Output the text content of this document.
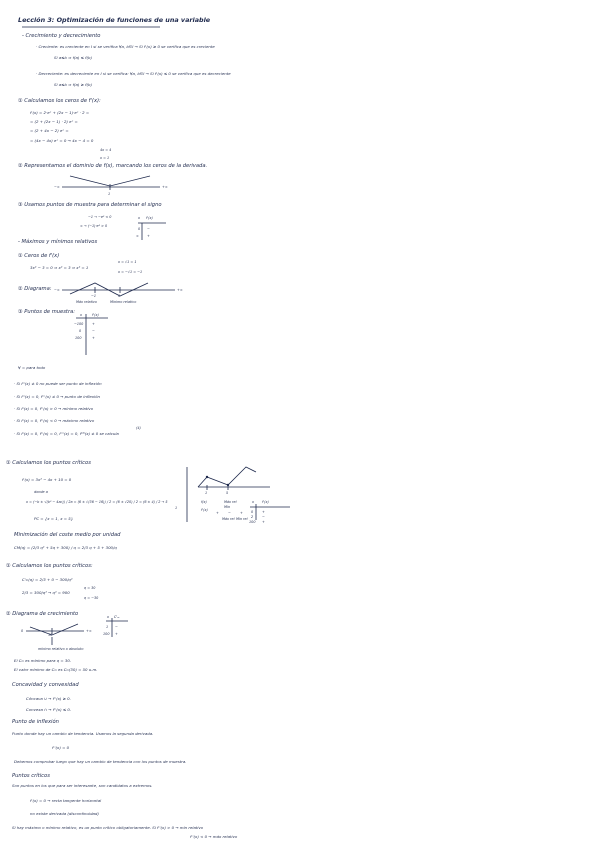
Lección 3: Optimización de funciones de una variable
- Crecimiento y decrecimiento
· Creciente: es creciente en I si se verifica ∀a, b∈I → Si f'(x) ≥ 0 se verifica que es creciente
Si a≤b ⇒ f(a) ≤ f(b)
· Decreciente: es decreciente en I si se verifica: ∀a, b∈I → Si f'(x) ≤ 0 se verifica que es decreciente
Si a≤b ⇒ f(a) ≥ f(b)
① Calculamos los ceros de f'(x):
f'(x) = 2·eˣ + (2x − 1)·eˣ · 2 =
= (2 + (2x − 1) · 2) eˣ =
= (2 + 4x − 2) eˣ =
= (4x − 4x) eˣ = 0 → 4x − 4 = 0
4x = 4
x = 1
② Representamos el dominio de f(x), marcando los ceros de la derivada.
−∞	+∞
1
③ Usamos puntos de muestra para determinar el signo
−1 → −e² < 0
∞ → (−1)·e² > 0
x f'(x)
0 −
∞ +
- Máximos y mínimos relativos
① Ceros de f'(x)
3x² − 3 = 0 ⇒ x² = 3 ⇒ x² = 1
x = √1 = 1
x = −√1 = −1
② Diagrama: −∞	+∞
−1	1
Máx relativo	Mínimo relativo
③ Puntos de muestra: x	f'(x)
−100	+
0	−
100	+
∀ = para todo
· Si f''(x) ≠ 0 no puede ser punto de inflexión
· Si f''(x) = 0, f'''(x) ≠ 0 → punto de inflexión
· Si f'(x) = 0, f''(x) > 0 → mínimo relativo
· Si f'(x) = 0, f''(x) < 0 → máximo relativo
(4)
· Si f'(x) = 0, f''(x) = 0, f'''(x) = 0, f⁽⁴⁾(x) ≠ 0 se calcula
① Calculamos los puntos críticos
f'(x) = 3x² − 4x + 10 = 0
donde a
x = (−b ± √(b² − 4ac)) / 2a = (6 ± √(36 − 16)) / 2 = (6 ± √20) / 2 = (6 ± 4) / 2 → 5
1
PC = {x = 1, x = 5}
1	5
f(x)
f'(x)
Máx rel
Mín
+	−	+
Máx rel Mín rel
x f'(x)
0	+
2	−
100 +
Minimización del coste medio por unidad
CM(q) = (2/3 q² + 5q + 300) / q = 2/3 q + 5 + 300/q
① Calculamos los puntos críticos:
C'ₘ(q) = 2/3 + 0 − 300/q²
2/3 = 300/q² → q² = 900
q = 30
q = −30
② Diagrama de crecimiento
0	+∞
30
mínimo relativo o absoluto
x C'ₘ
1 −
100 +
El Cₘ es mínimo para q = 30.
El valor mínimo de Cₘ es Cₘ(30) = 50 u.m.
Concavidad y convexidad
Cóncava ∪ → f''(x) ≥ 0.
Convexa ∩ → f''(x) ≤ 0.
Punto de inflexión
Punto donde hay un cambio de tendencia. Usamos la segunda derivada.
f''(x) = 0
Debemos comprobar luego que hay un cambio de tendencia con los puntos de muestra.
Puntos críticos
Son puntos en los que para ser interesante, son candidatos a extremos.
f'(x) = 0 → recta tangente horizontal
no existe derivada (discontinuidad)
Si hay máximo o mínimo relativo, es un punto crítico obligatoriamente. Si f''(x) > 0 → mín relativo
f''(x) < 0 → máx relativo
